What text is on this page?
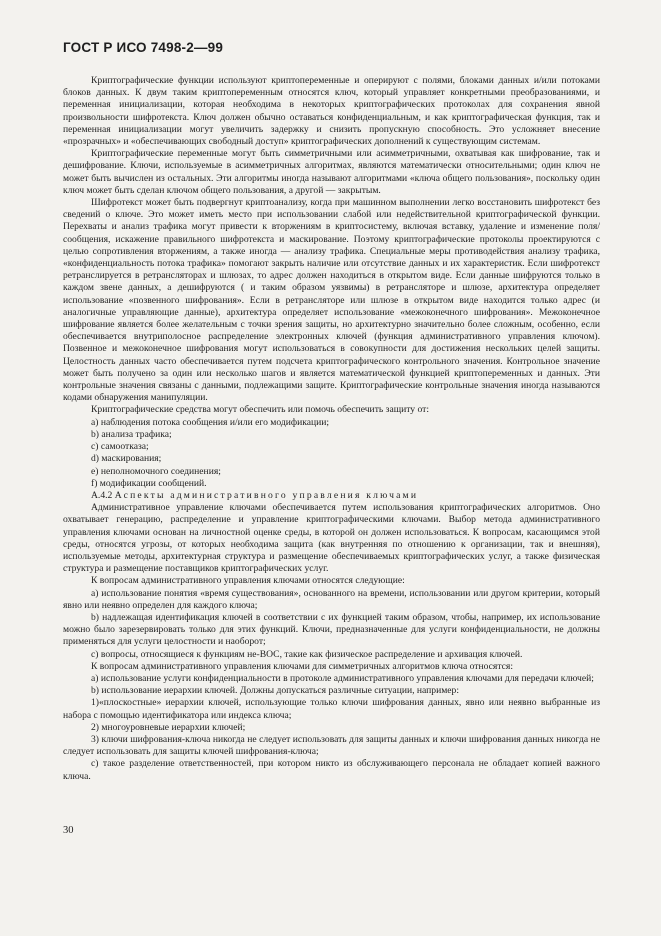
ГОСТ Р ИСО 7498-2—99

Криптографические функции используют криптопеременные и оперируют с полями, блоками данных и/или потоками блоков данных. К двум таким криптопеременным относятся ключ, который управляет конкретными преобразованиями, и переменная инициализации, которая необходима в некоторых криптографических протоколах для сохранения явной произвольности шифротекста. Ключ должен обычно оставаться конфиденциальным, и как криптографическая функция, так и переменная инициализации могут увеличить задержку и снизить пропускную способность. Это усложняет внесение «прозрачных» и «обеспечивающих свободный доступ» криптографических дополнений к существующим системам.

Криптографические переменные могут быть симметричными или асимметричными, охватывая как шифрование, так и дешифрование. Ключи, используемые в асимметричных алгоритмах, являются математически относительными; один ключ не может быть вычислен из остальных. Эти алгоритмы иногда называют алгоритмами «ключа общего пользования», поскольку один ключ может быть сделан ключом общего пользования, а другой — закрытым.

Шифротекст может быть подвергнут криптоанализу, когда при машинном выполнении легко восстановить шифротекст без сведений о ключе. Это может иметь место при использовании слабой или недействительной криптографической функции. Перехваты и анализ трафика могут привести к вторжениям в криптосистему, включая вставку, удаление и изменение поля/сообщения, искажение правильного шифротекста и маскирование. Поэтому криптографические протоколы проектируются с целью сопротивления вторжениям, а также иногда — анализу трафика. Специальные меры противодействия анализу трафика, «конфиденциальность потока трафика» помогают закрыть наличие или отсутствие данных и их характеристик. Если шифротекст ретранслируется в ретрансляторах и шлюзах, то адрес должен находиться в открытом виде. Если данные шифруются только в каждом звене данных, а дешифруются ( и таким образом уязвимы) в ретрансляторе и шлюзе, архитектура определяет использование «позвенного шифрования». Если в ретрансляторе или шлюзе в открытом виде находится только адрес (и аналогичные управляющие данные), архитектура определяет использование «межоконечного шифрования». Межоконечное шифрование является более желательным с точки зрения защиты, но архитектурно значительно более сложным, особенно, если обеспечивается внутриполосное распределение электронных ключей (функция административного управления ключом). Позвенное и межоконечное шифрования могут использоваться в совокупности для достижения нескольких целей защиты. Целостность данных часто обеспечивается путем подсчета криптографического контрольного значения. Контрольное значение может быть получено за один или несколько шагов и является математической функцией криптопеременных и данных. Эти контрольные значения связаны с данными, подлежащими защите. Криптографические контрольные значения иногда называются кодами обнаружения манипуляции.

Криптографические средства могут обеспечить или помочь обеспечить защиту от:

a) наблюдения потока сообщения и/или его модификации;

b) анализа трафика;

c) самоотказа;

d) маскирования;

e) неполномочного соединения;

f) модификации сообщений.

А.4.2 Аспекты административного управления ключами

Административное управление ключами обеспечивается путем использования криптографических алгоритмов. Оно охватывает генерацию, распределение и управление криптографическими ключами. Выбор метода административного управления ключами основан на личностной оценке среды, в которой он должен использоваться. К вопросам, касающимся этой среды, относятся угрозы, от которых необходима защита (как внутренняя по отношению к организации, так и внешняя), используемые методы, архитектурная структура и размещение обеспечиваемых криптографических услуг, а также физическая структура и размещение поставщиков криптографических услуг.

К вопросам административного управления ключами относятся следующие:

a) использование понятия «время существования», основанного на времени, использовании или другом критерии, который явно или неявно определен для каждого ключа;

b) надлежащая идентификация ключей в соответствии с их функцией таким образом, чтобы, например, их использование можно было зарезервировать только для этих функций. Ключи, предназначенные для услуги конфиденциальности, не должны применяться для услуги целостности и наоборот;

c) вопросы, относящиеся к функциям не-ВОС, такие как физическое распределение и архивация ключей.

К вопросам административного управления ключами для симметричных алгоритмов ключа относятся:

a) использование услуги конфиденциальности в протоколе административного управления ключами для передачи ключей;

b) использование иерархии ключей. Должны допускаться различные ситуации, например:

1)«плоскостные» иерархии ключей, использующие только ключи шифрования данных, явно или неявно выбранные из набора с помощью идентификатора или индекса ключа;

2) многоуровневые иерархии ключей;

3) ключи шифрования-ключа никогда не следует использовать для защиты данных и ключи шифрования данных никогда не следует использовать для защиты ключей шифрования-ключа;

c) такое разделение ответственностей, при котором никто из обслуживающего персонала не обладает копией важного ключа.

30
